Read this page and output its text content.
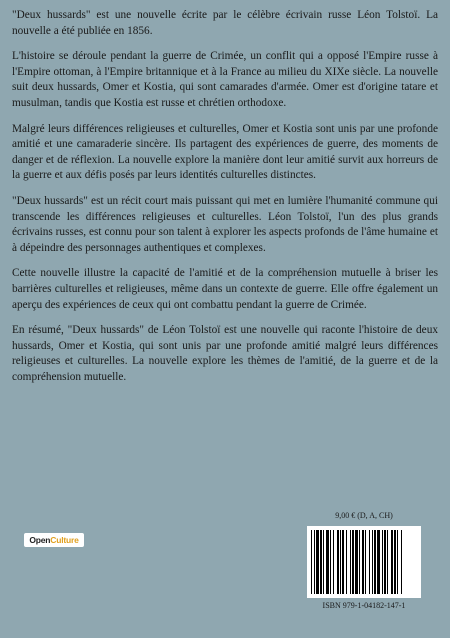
"Deux hussards" est une nouvelle écrite par le célèbre écrivain russe Léon Tolstoï. La nouvelle a été publiée en 1856.

L'histoire se déroule pendant la guerre de Crimée, un conflit qui a opposé l'Empire russe à l'Empire ottoman, à l'Empire britannique et à la France au milieu du XIXe siècle. La nouvelle suit deux hussards, Omer et Kostia, qui sont camarades d'armée. Omer est d'origine tatare et musulman, tandis que Kostia est russe et chrétien orthodoxe.

Malgré leurs différences religieuses et culturelles, Omer et Kostia sont unis par une profonde amitié et une camaraderie sincère. Ils partagent des expériences de guerre, des moments de danger et de réflexion. La nouvelle explore la manière dont leur amitié survit aux horreurs de la guerre et aux défis posés par leurs identités culturelles distinctes.

"Deux hussards" est un récit court mais puissant qui met en lumière l'humanité commune qui transcende les différences religieuses et culturelles. Léon Tolstoï, l'un des plus grands écrivains russes, est connu pour son talent à explorer les aspects profonds de l'âme humaine et à dépeindre des personnages authentiques et complexes.

Cette nouvelle illustre la capacité de l'amitié et de la compréhension mutuelle à briser les barrières culturelles et religieuses, même dans un contexte de guerre. Elle offre également un aperçu des expériences de ceux qui ont combattu pendant la guerre de Crimée.

En résumé, "Deux hussards" de Léon Tolstoï est une nouvelle qui raconte l'histoire de deux hussards, Omer et Kostia, qui sont unis par une profonde amitié malgré leurs différences religieuses et culturelles. La nouvelle explore les thèmes de l'amitié, de la guerre et de la compréhension mutuelle.

OpenCulture
9,00 € (D, A, CH)
ISBN 979-1-04182-147-1
